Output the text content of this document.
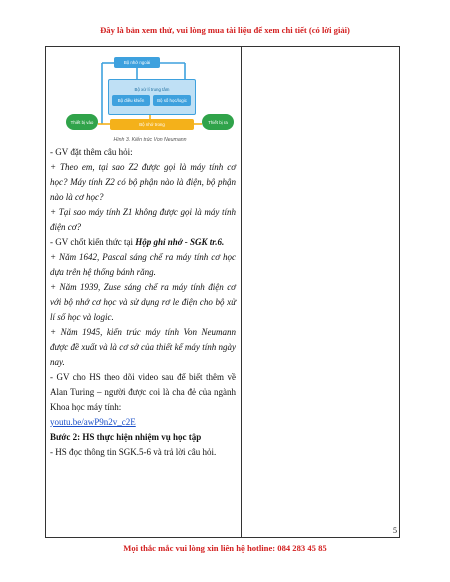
Đây là bản xem thử, vui lòng mua tài liệu để xem chi tiết (có lời giải)
Bộ nhớ ngoài
Bộ xử lí trung tâm
Bộ điều khiển	Bộ số học/logic
Bộ nhớ trong
Thiết bị vào	Thiết bị ra
Hình 3. Kiến trúc Von Neumann

- GV đặt thêm câu hỏi:

+ Theo em, tại sao Z2 được gọi là máy tính cơ học? Máy tính Z2 có bộ phận nào là điện, bộ phận nào là cơ học?

+ Tại sao máy tính Z1 không được gọi là máy tính điện cơ?

- GV chốt kiến thức tại Hộp ghi nhớ - SGK tr.6.

+ Năm 1642, Pascal sáng chế ra máy tính cơ học dựa trên hệ thống bánh răng.

+ Năm 1939, Zuse sáng chế ra máy tính điện cơ với bộ nhớ cơ học và sử dụng rơ le điện cho bộ xử lí số học và logic.

+ Năm 1945, kiến trúc máy tính Von Neumann được đề xuất và là cơ sở của thiết kế máy tính ngày nay.

- GV cho HS theo dõi video sau để biết thêm về Alan Turing – người được coi là cha đẻ của ngành Khoa học máy tính:

youtu.be/awP9n2v_c2E

Bước 2: HS thực hiện nhiệm vụ học tập

- HS đọc thông tin SGK.5-6 và trả lời câu hỏi.

5
Mọi thắc mắc vui lòng xin liên hệ hotline: 084 283 45 85
